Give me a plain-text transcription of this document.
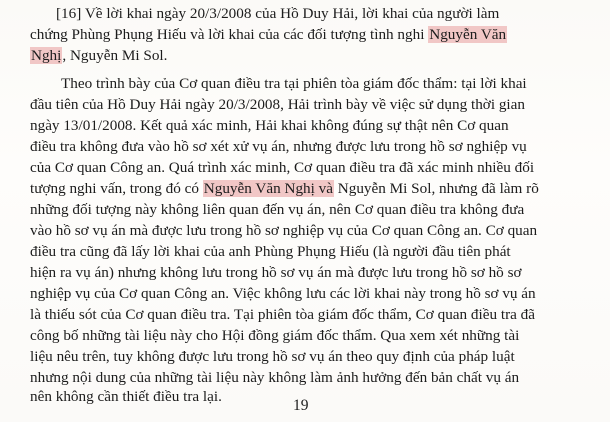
[16] Về lời khai ngày 20/3/2008 của Hồ Duy Hải, lời khai của người làm
chứng Phùng Phụng Hiếu và lời khai của các đối tượng tình nghi Nguyễn Văn
Nghị, Nguyễn Mi Sol.
Theo trình bày của Cơ quan điều tra tại phiên tòa giám đốc thẩm: tại lời khai
đầu tiên của Hồ Duy Hải ngày 20/3/2008, Hải trình bày về việc sử dụng thời gian
ngày 13/01/2008. Kết quả xác minh, Hải khai không đúng sự thật nên Cơ quan
điều tra không đưa vào hồ sơ xét xử vụ án, nhưng được lưu trong hồ sơ nghiệp vụ
của Cơ quan Công an. Quá trình xác minh, Cơ quan điều tra đã xác minh nhiều đối
tượng nghi vấn, trong đó có Nguyễn Văn Nghị và Nguyễn Mi Sol, nhưng đã làm rõ
những đối tượng này không liên quan đến vụ án, nên Cơ quan điều tra không đưa
vào hồ sơ vụ án mà được lưu trong hồ sơ nghiệp vụ của Cơ quan Công an. Cơ quan
điều tra cũng đã lấy lời khai của anh Phùng Phụng Hiếu (là người đầu tiên phát
hiện ra vụ án) nhưng không lưu trong hồ sơ vụ án mà được lưu trong hồ sơ hồ sơ
nghiệp vụ của Cơ quan Công an. Việc không lưu các lời khai này trong hồ sơ vụ án
là thiếu sót của Cơ quan điều tra. Tại phiên tòa giám đốc thẩm, Cơ quan điều tra đã
công bố những tài liệu này cho Hội đồng giám đốc thẩm. Qua xem xét những tài
liệu nêu trên, tuy không được lưu trong hồ sơ vụ án theo quy định của pháp luật
nhưng nội dung của những tài liệu này không làm ảnh hưởng đến bản chất vụ án
nên không cần thiết điều tra lại.
19
